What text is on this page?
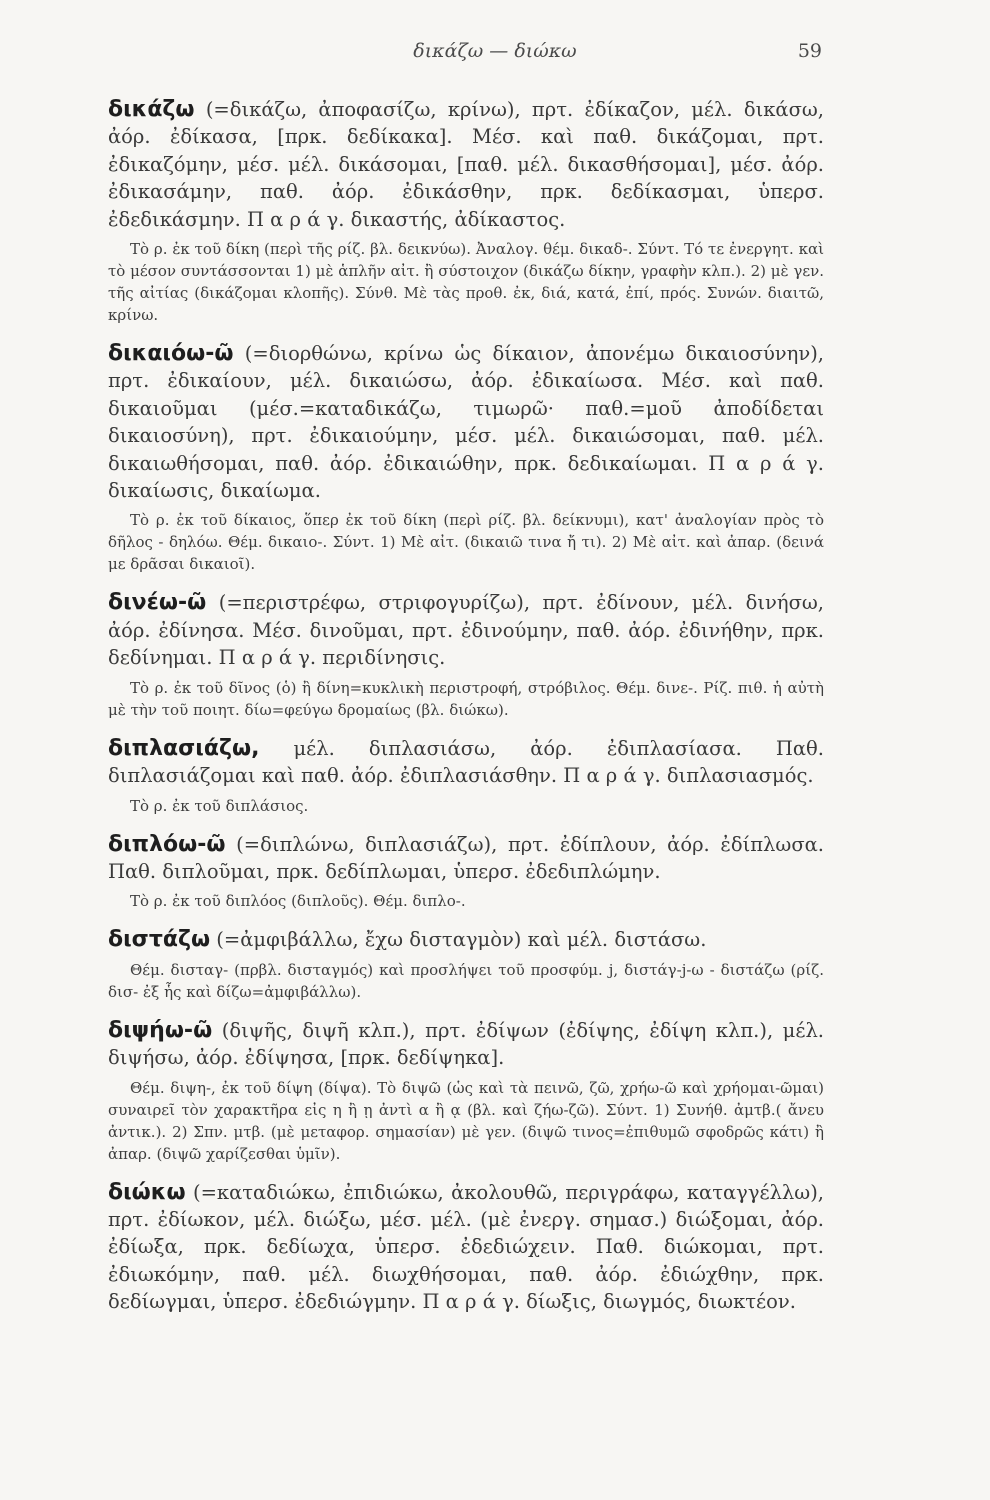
δικάζω — διώκω	59

δικάζω (=δικάζω, ἀποφασίζω, κρίνω), πρτ. ἐδίκαζον, μέλ. δικάσω, ἀόρ. ἐδίκασα, [πρκ. δεδίκακα]. Μέσ. καὶ παθ. δικάζομαι, πρτ. ἐδικαζόμην, μέσ. μέλ. δικάσομαι, [παθ. μέλ. δικασθήσομαι], μέσ. ἀόρ. ἐδικασάμην, παθ. ἀόρ. ἐδικάσθην, πρκ. δεδίκασμαι, ὑπερσ. ἐδεδικάσμην. Π α ρ ά γ. δικαστής, ἀδίκαστος.

Τὸ ρ. ἐκ τοῦ δίκη (περὶ τῆς ρίζ. βλ. δεικνύω). Ἀναλογ. θέμ. δικαδ-. Σύντ. Τό τε ἐνεργητ. καὶ τὸ μέσον συντάσσονται 1) μὲ ἁπλῆν αἰτ. ἢ σύστοιχον (δικάζω δίκην, γραφὴν κλπ.). 2) μὲ γεν. τῆς αἰτίας (δικάζομαι κλοπῆς). Σύνθ. Μὲ τὰς προθ. ἐκ, διά, κατά, ἐπί, πρός. Συνών. διαιτῶ, κρίνω.

δικαιόω-ῶ (=διορθώνω, κρίνω ὡς δίκαιον, ἀπονέμω δικαιοσύνην), πρτ. ἐδικαίουν, μέλ. δικαιώσω, ἀόρ. ἐδικαίωσα. Μέσ. καὶ παθ. δικαιοῦμαι (μέσ.=καταδικάζω, τιμωρῶ· παθ.=μοῦ ἀποδίδεται δικαιοσύνη), πρτ. ἐδικαιούμην, μέσ. μέλ. δικαιώσομαι, παθ. μέλ. δικαιωθήσομαι, παθ. ἀόρ. ἐδικαιώθην, πρκ. δεδικαίωμαι. Π α ρ ά γ. δικαίωσις, δικαίωμα.

Τὸ ρ. ἐκ τοῦ δίκαιος, ὅπερ ἐκ τοῦ δίκη (περὶ ρίζ. βλ. δείκνυμι), κατ' ἀναλογίαν πρὸς τὸ δῆλος - δηλόω. Θέμ. δικαιο-. Σύντ. 1) Μὲ αἰτ. (δικαιῶ τινα ἤ τι). 2) Μὲ αἰτ. καὶ ἀπαρ. (δεινά με δρᾶσαι δικαιοῖ).

δινέω-ῶ (=περιστρέφω, στριφογυρίζω), πρτ. ἐδίνουν, μέλ. δινήσω, ἀόρ. ἐδίνησα. Μέσ. δινοῦμαι, πρτ. ἐδινούμην, παθ. ἀόρ. ἐδινήθην, πρκ. δεδίνημαι. Π α ρ ά γ. περιδίνησις.

Τὸ ρ. ἐκ τοῦ δῖνος (ὁ) ἢ δίνη=κυκλικὴ περιστροφή, στρόβιλος. Θέμ. δινε-. Ρίζ. πιθ. ἡ αὐτὴ μὲ τὴν τοῦ ποιητ. δίω=φεύγω δρομαίως (βλ. διώκω).

διπλασιάζω, μέλ. διπλασιάσω, ἀόρ. ἐδιπλασίασα. Παθ. διπλασιάζομαι καὶ παθ. ἀόρ. ἐδιπλασιάσθην. Π α ρ ά γ. διπλασιασμός.

Τὸ ρ. ἐκ τοῦ διπλάσιος.

διπλόω-ῶ (=διπλώνω, διπλασιάζω), πρτ. ἐδίπλουν, ἀόρ. ἐδίπλωσα. Παθ. διπλοῦμαι, πρκ. δεδίπλωμαι, ὑπερσ. ἐδεδιπλώμην.

Τὸ ρ. ἐκ τοῦ διπλόος (διπλοῦς). Θέμ. διπλο-.

διστάζω (=ἀμφιβάλλω, ἔχω δισταγμὸν) καὶ μέλ. διστάσω.

Θέμ. δισταγ- (πρβλ. δισταγμός) καὶ προσλήψει τοῦ προσφύμ. j, διστάγ-j-ω - διστάζω (ρίζ. δισ- ἐξ ἧς καὶ δίζω=ἀμφιβάλλω).

διψήω-ῶ (διψῆς, διψῆ κλπ.), πρτ. ἐδίψων (ἐδίψης, ἐδίψη κλπ.), μέλ. διψήσω, ἀόρ. ἐδίψησα, [πρκ. δεδίψηκα].

Θέμ. διψη-, ἐκ τοῦ δίψη (δίψα). Τὸ διψῶ (ὡς καὶ τὰ πεινῶ, ζῶ, χρήω-ῶ καὶ χρήομαι-ῶμαι) συναιρεῖ τὸν χαρακτῆρα εἰς η ἢ ῃ ἀντὶ α ἢ ᾳ (βλ. καὶ ζήω-ζῶ). Σύντ. 1) Συνήθ. ἀμτβ.( ἄνευ ἀντικ.). 2) Σπν. μτβ. (μὲ μεταφορ. σημασίαν) μὲ γεν. (διψῶ τινος=ἐπιθυμῶ σφοδρῶς κάτι) ἢ ἀπαρ. (διψῶ χαρίζεσθαι ὑμῖν).

διώκω (=καταδιώκω, ἐπιδιώκω, ἀκολουθῶ, περιγράφω, καταγγέλλω), πρτ. ἐδίωκον, μέλ. διώξω, μέσ. μέλ. (μὲ ἐνεργ. σημασ.) διώξομαι, ἀόρ. ἐδίωξα, πρκ. δεδίωχα, ὑπερσ. ἐδεδιώχειν. Παθ. διώκομαι, πρτ. ἐδιωκόμην, παθ. μέλ. διωχθήσομαι, παθ. ἀόρ. ἐδιώχθην, πρκ. δεδίωγμαι, ὑπερσ. ἐδεδιώγμην. Π α ρ ά γ. δίωξις, διωγμός, διωκτέον.
